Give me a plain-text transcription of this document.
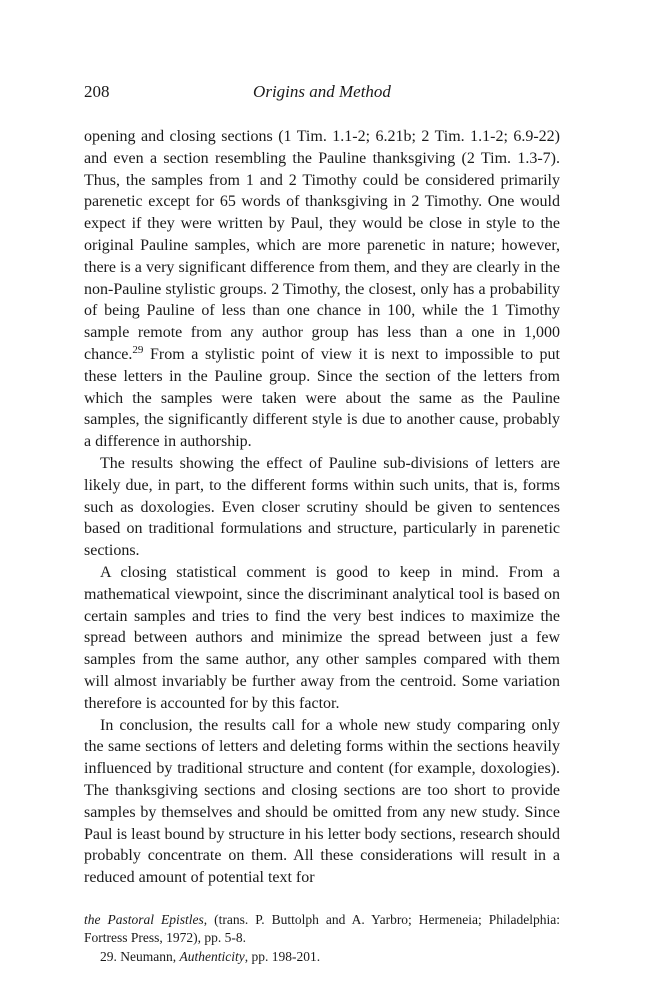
208	Origins and Method

opening and closing sections (1 Tim. 1.1-2; 6.21b; 2 Tim. 1.1-2; 6.9-22) and even a section resembling the Pauline thanksgiving (2 Tim. 1.3-7). Thus, the samples from 1 and 2 Timothy could be considered primarily parenetic except for 65 words of thanksgiving in 2 Timothy. One would expect if they were written by Paul, they would be close in style to the original Pauline samples, which are more parenetic in nature; however, there is a very significant difference from them, and they are clearly in the non-Pauline stylistic groups. 2 Timothy, the closest, only has a probability of being Pauline of less than one chance in 100, while the 1 Timothy sample remote from any author group has less than a one in 1,000 chance.$^{29}$ From a stylistic point of view it is next to impossible to put these letters in the Pauline group. Since the section of the letters from which the samples were taken were about the same as the Pauline samples, the significantly different style is due to another cause, probably a difference in authorship.

The results showing the effect of Pauline sub-divisions of letters are likely due, in part, to the different forms within such units, that is, forms such as doxologies. Even closer scrutiny should be given to sentences based on traditional formulations and structure, particularly in parenetic sections.

A closing statistical comment is good to keep in mind. From a mathematical viewpoint, since the discriminant analytical tool is based on certain samples and tries to find the very best indices to maximize the spread between authors and minimize the spread between just a few samples from the same author, any other samples compared with them will almost invariably be further away from the centroid. Some variation therefore is accounted for by this factor.

In conclusion, the results call for a whole new study comparing only the same sections of letters and deleting forms within the sections heavily influenced by traditional structure and content (for example, doxologies). The thanksgiving sections and closing sections are too short to provide samples by themselves and should be omitted from any new study. Since Paul is least bound by structure in his letter body sections, research should probably concentrate on them. All these considerations will result in a reduced amount of potential text for

the Pastoral Epistles, (trans. P. Buttolph and A. Yarbro; Hermeneia; Philadelphia: Fortress Press, 1972), pp. 5-8.

29. Neumann, Authenticity, pp. 198-201.
